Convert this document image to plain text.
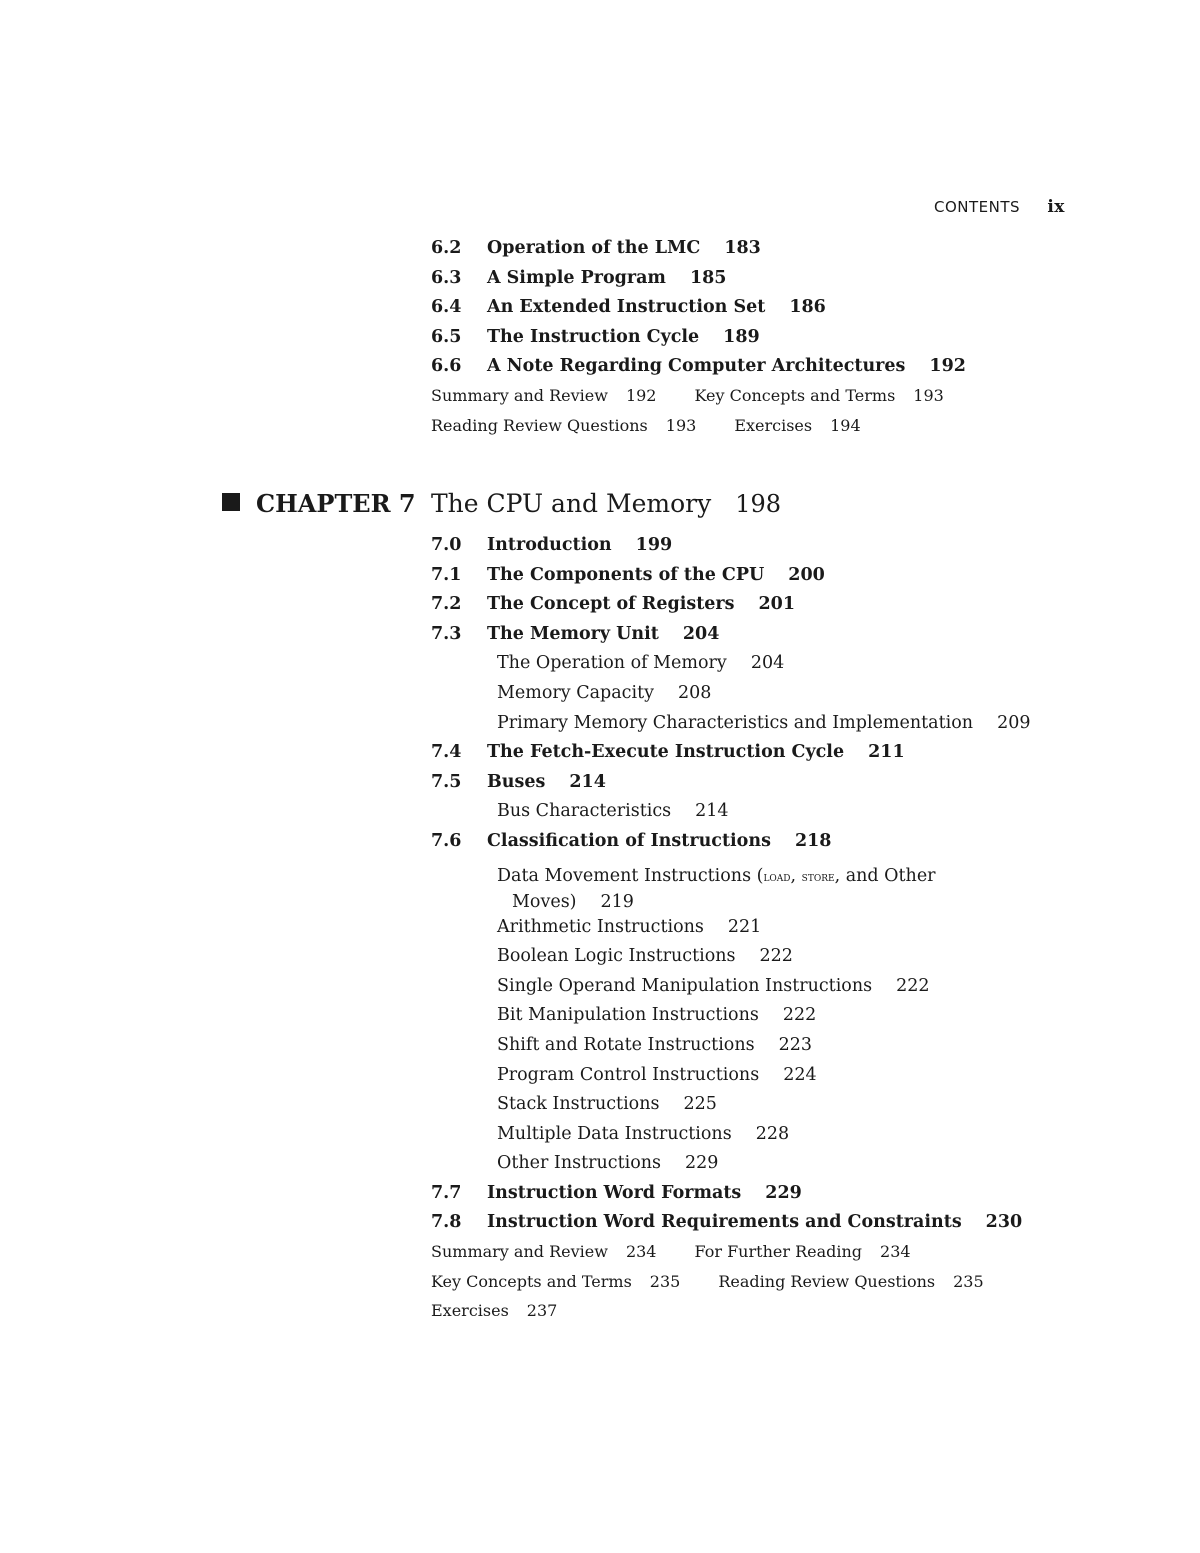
CONTENTS ix
6.2	Operation of the LMC 183
6.3	A Simple Program 185
6.4	An Extended Instruction Set 186
6.5	The Instruction Cycle 189
6.6	A Note Regarding Computer Architectures 192
Summary and Review 192 Key Concepts and Terms 193
Reading Review Questions 193 Exercises 194
CHAPTER 7 The CPU and Memory 198
7.0	Introduction 199
7.1	The Components of the CPU 200
7.2	The Concept of Registers 201
7.3	The Memory Unit 204
The Operation of Memory 204
Memory Capacity 208
Primary Memory Characteristics and Implementation 209
7.4	The Fetch-Execute Instruction Cycle 211
7.5	Buses 214
Bus Characteristics 214
7.6	Classification of Instructions 218
Data Movement Instructions (load, store, and Other
Moves) 219
Arithmetic Instructions 221
Boolean Logic Instructions 222
Single Operand Manipulation Instructions 222
Bit Manipulation Instructions 222
Shift and Rotate Instructions 223
Program Control Instructions 224
Stack Instructions 225
Multiple Data Instructions 228
Other Instructions 229
7.7	Instruction Word Formats 229
7.8	Instruction Word Requirements and Constraints 230
Summary and Review 234 For Further Reading 234
Key Concepts and Terms 235 Reading Review Questions 235
Exercises 237
